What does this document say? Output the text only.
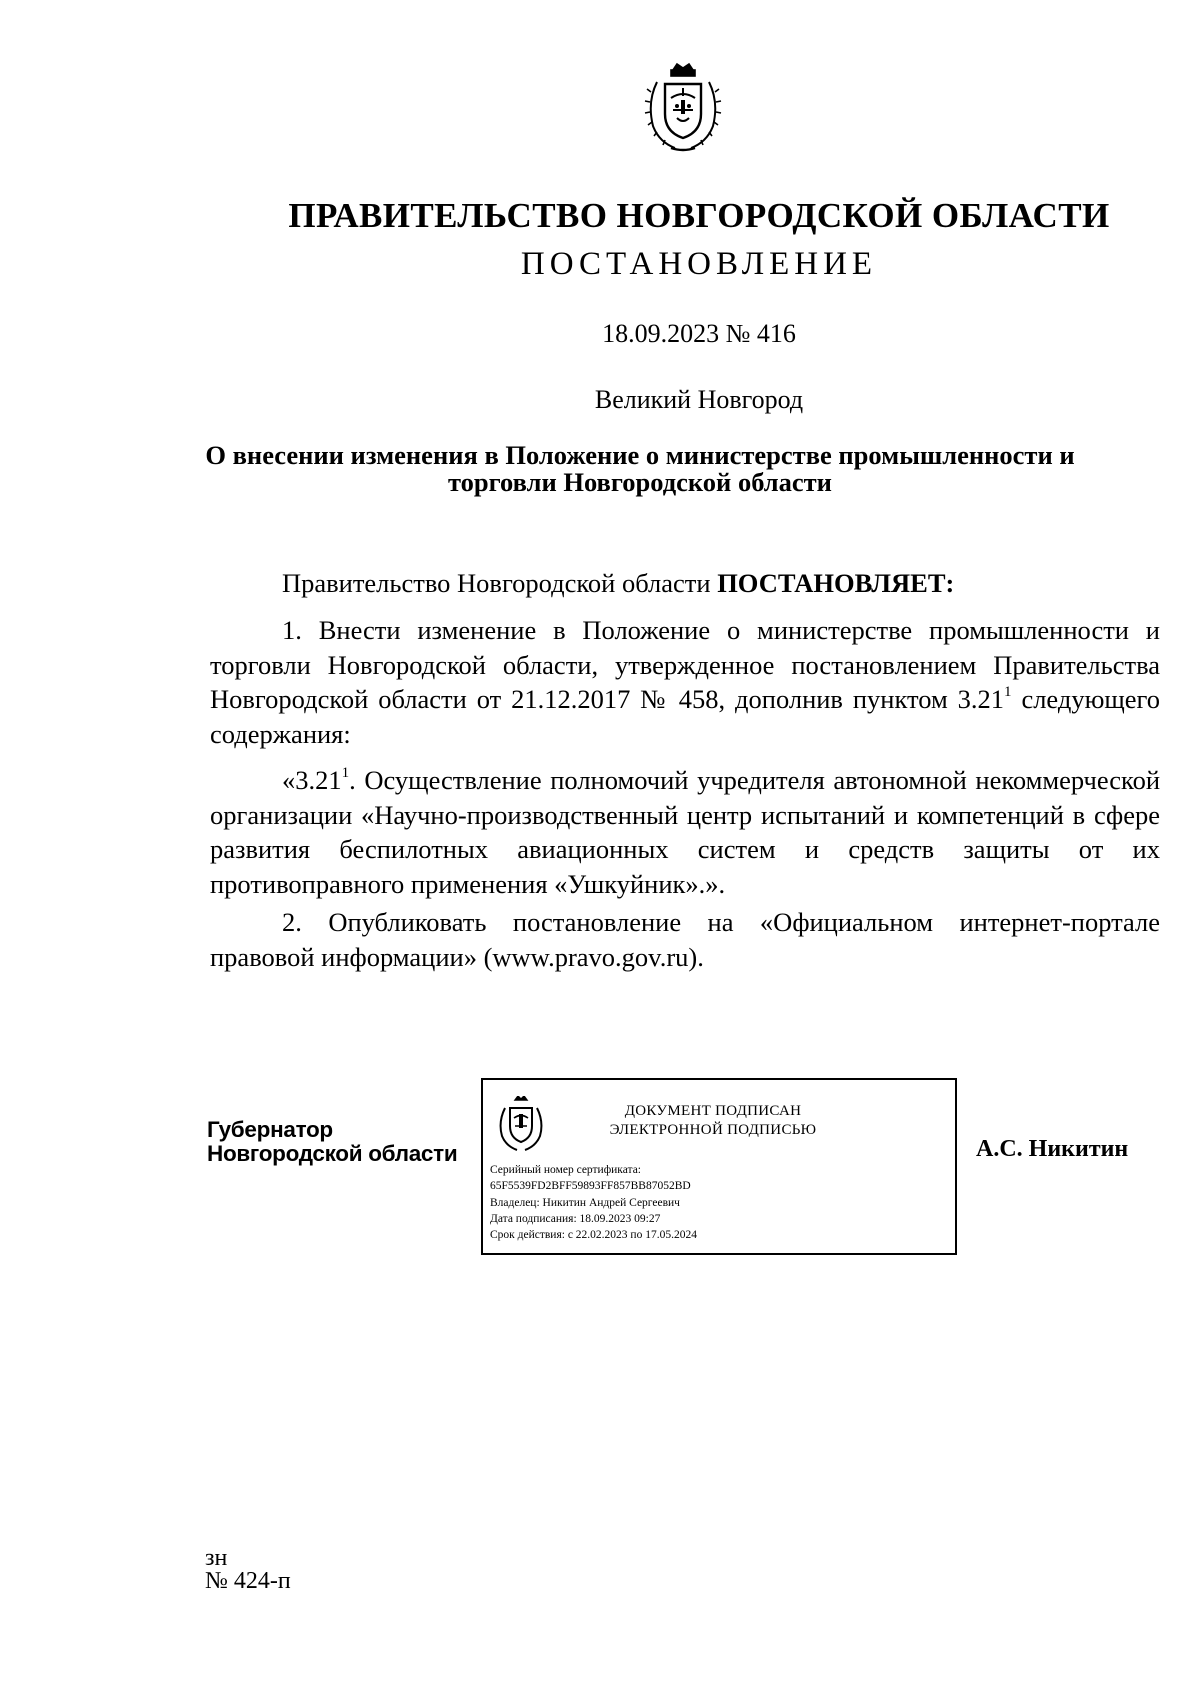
ПРАВИТЕЛЬСТВО НОВГОРОДСКОЙ ОБЛАСТИ
ПОСТАНОВЛЕНИЕ
18.09.2023 № 416
Великий Новгород
О внесении изменения в Положение о министерстве промышленности и
торговли Новгородской области
Правительство Новгородской области ПОСТАНОВЛЯЕТ:
1. Внести изменение в Положение о министерстве промышленности и торговли Новгородской области, утвержденное постановлением Правительства Новгородской области от 21.12.2017 № 458, дополнив пунктом 3.21$^1$ следующего содержания:
«3.21$^1$. Осуществление полномочий учредителя автономной некоммерческой организации «Научно-производственный центр испытаний и компетенций в сфере развития беспилотных авиационных систем и средств защиты от их противоправного применения «Ушкуйник».».
2. Опубликовать постановление на «Официальном интернет-портале правовой информации» (www.pravo.gov.ru).
Губернатор
Новгородской области
ДОКУМЕНТ ПОДПИСАН
ЭЛЕКТРОННОЙ ПОДПИСЬЮ
Серийный номер сертификата:
65F5539FD2BFF59893FF857BB87052BD
Владелец: Никитин Андрей Сергеевич
Дата подписания: 18.09.2023 09:27
Срок действия: с 22.02.2023 по 17.05.2024
А.С. Никитин
зн
№ 424-п
